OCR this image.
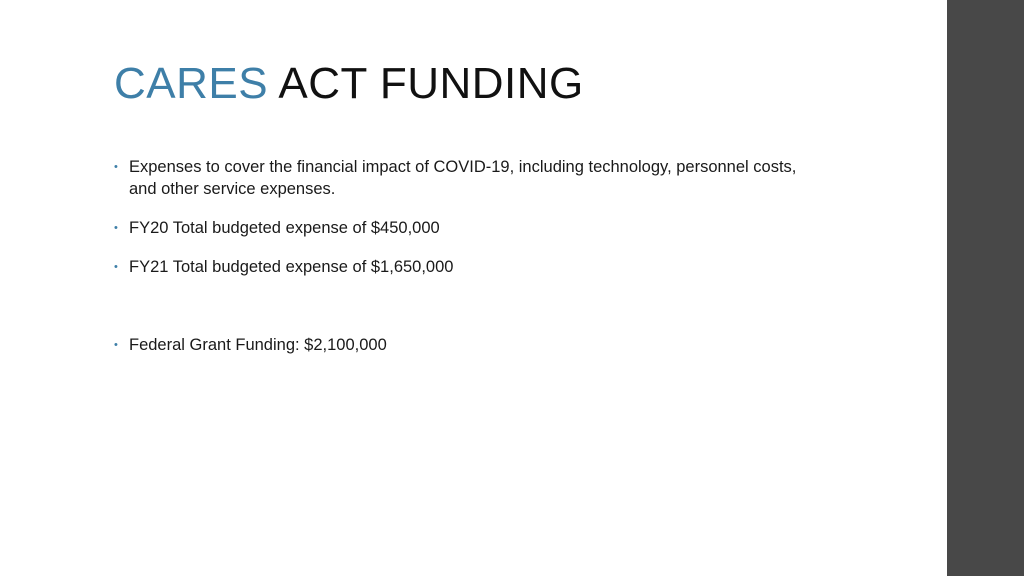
CARES ACT FUNDING
• Expenses to cover the financial impact of COVID-19, including technology, personnel costs, and other service expenses.
• FY20 Total budgeted expense of $450,000
• FY21 Total budgeted expense of $1,650,000
• Federal Grant Funding: $2,100,000
